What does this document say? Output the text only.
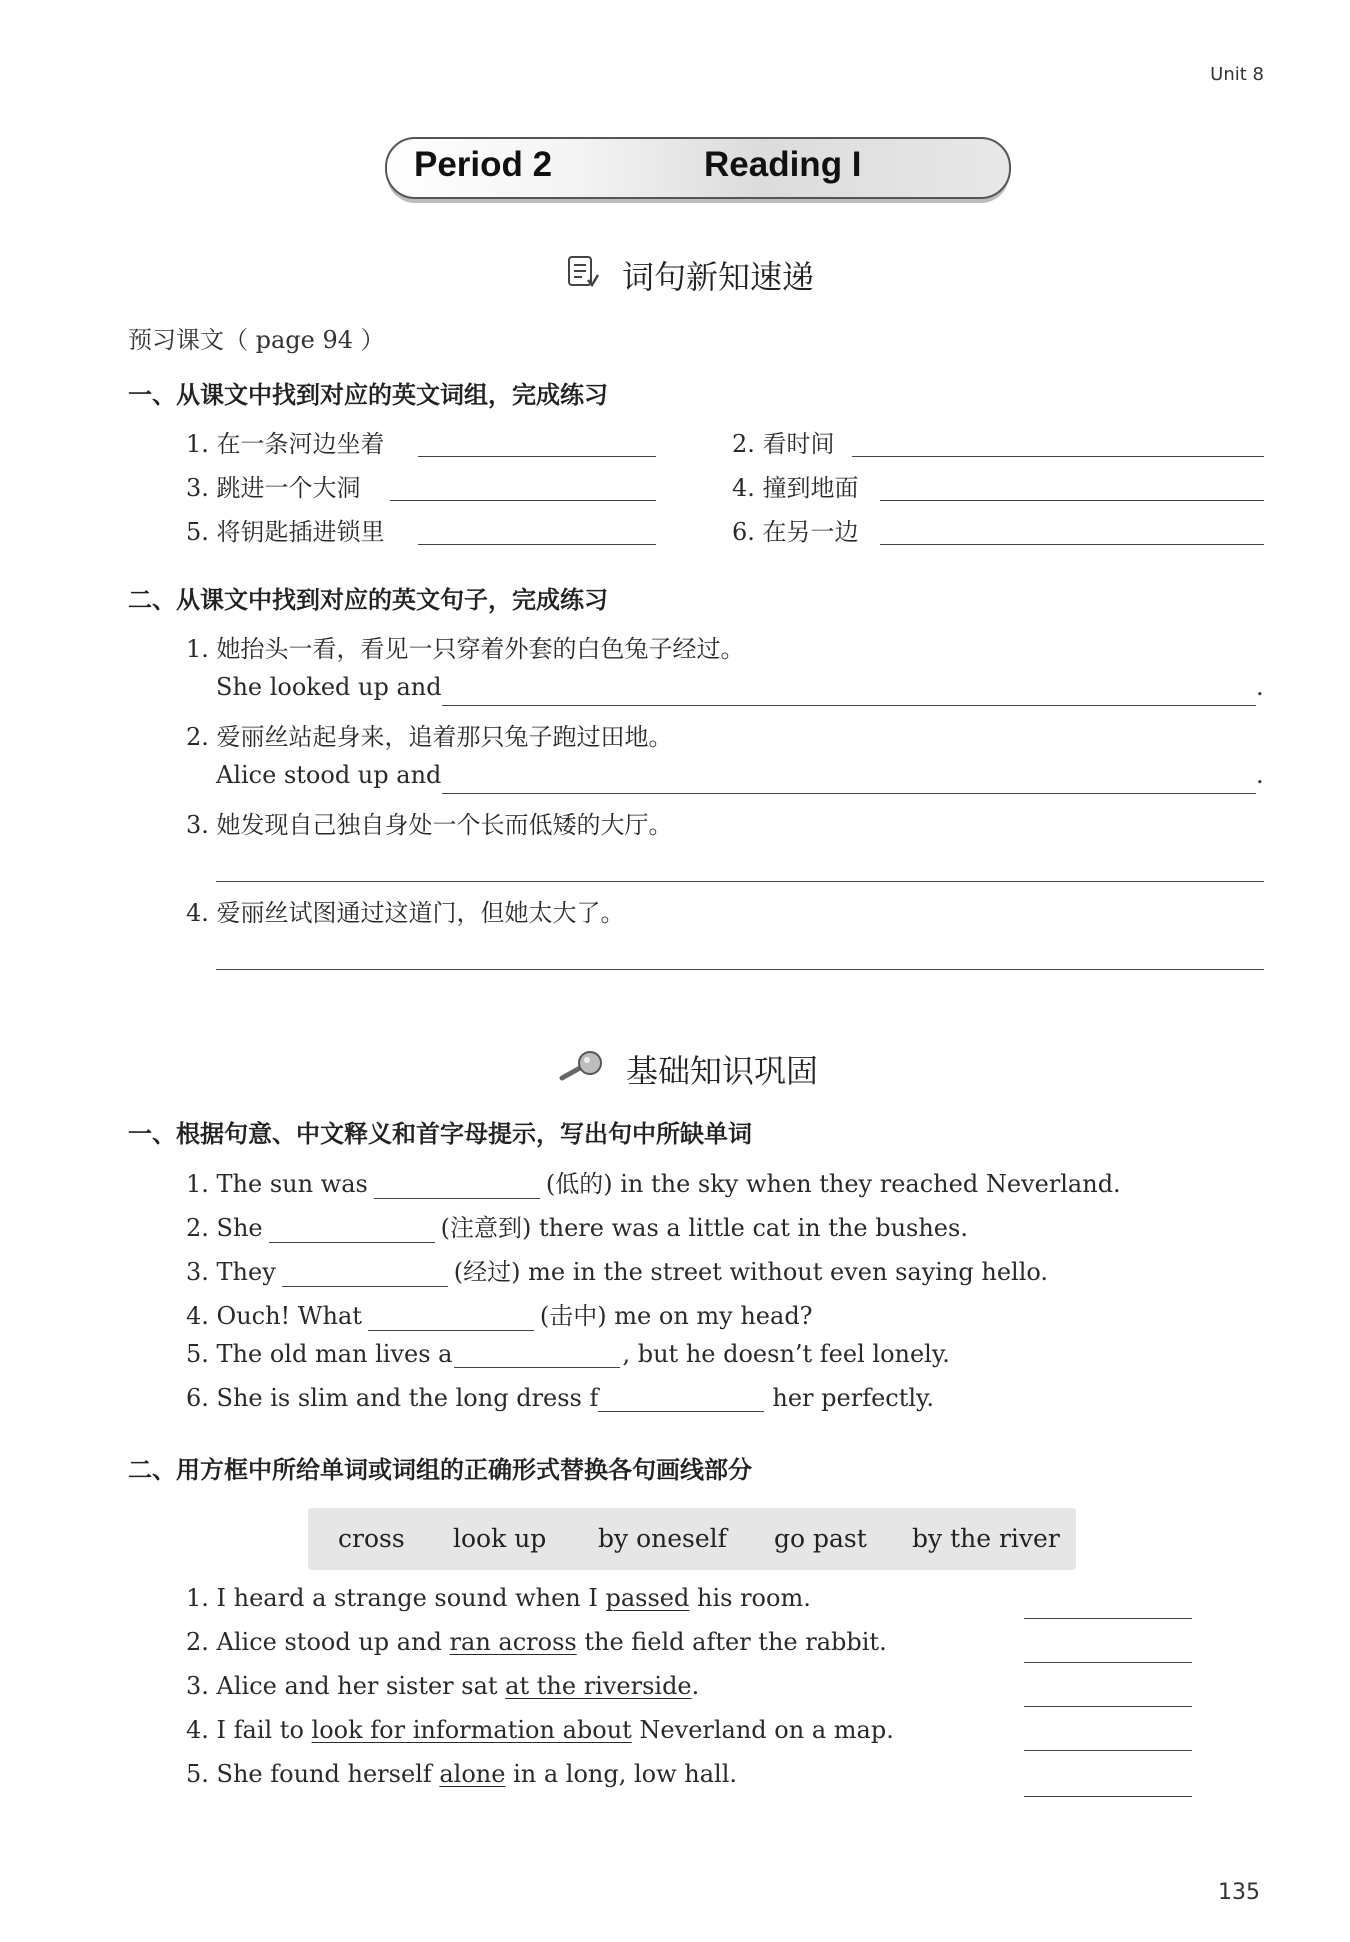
Unit 8
Period 2	Reading I
词句新知速递
预习课文（ page 94 ）
一、从课文中找到对应的英文词组，完成练习
1. 在一条河边坐着	2. 看时间
3. 跳进一个大洞	4. 撞到地面
5. 将钥匙插进锁里	6. 在另一边
二、从课文中找到对应的英文句子，完成练习
1. 她抬头一看，看见一只穿着外套的白色兔子经过。
She looked up and	.
2. 爱丽丝站起身来，追着那只兔子跑过田地。
Alice stood up and	.
3. 她发现自己独自身处一个长而低矮的大厅。
4. 爱丽丝试图通过这道门，但她太大了。
基础知识巩固
一、根据句意、中文释义和首字母提示，写出句中所缺单词
1. The sun was	(低的) in the sky when they reached Neverland.
2. She	(注意到) there was a little cat in the bushes.
3. They	(经过) me in the street without even saying hello.
4. Ouch! What	(击中) me on my head?
5. The old man lives a	, but he doesn’t feel lonely.
6. She is slim and the long dress f	her perfectly.
二、用方框中所给单词或词组的正确形式替换各句画线部分
cross look up by oneself go past by the river
1. I heard a strange sound when I passed his room.
2. Alice stood up and ran across the field after the rabbit.
3. Alice and her sister sat at the riverside.
4. I fail to look for information about Neverland on a map.
5. She found herself alone in a long, low hall.
135
